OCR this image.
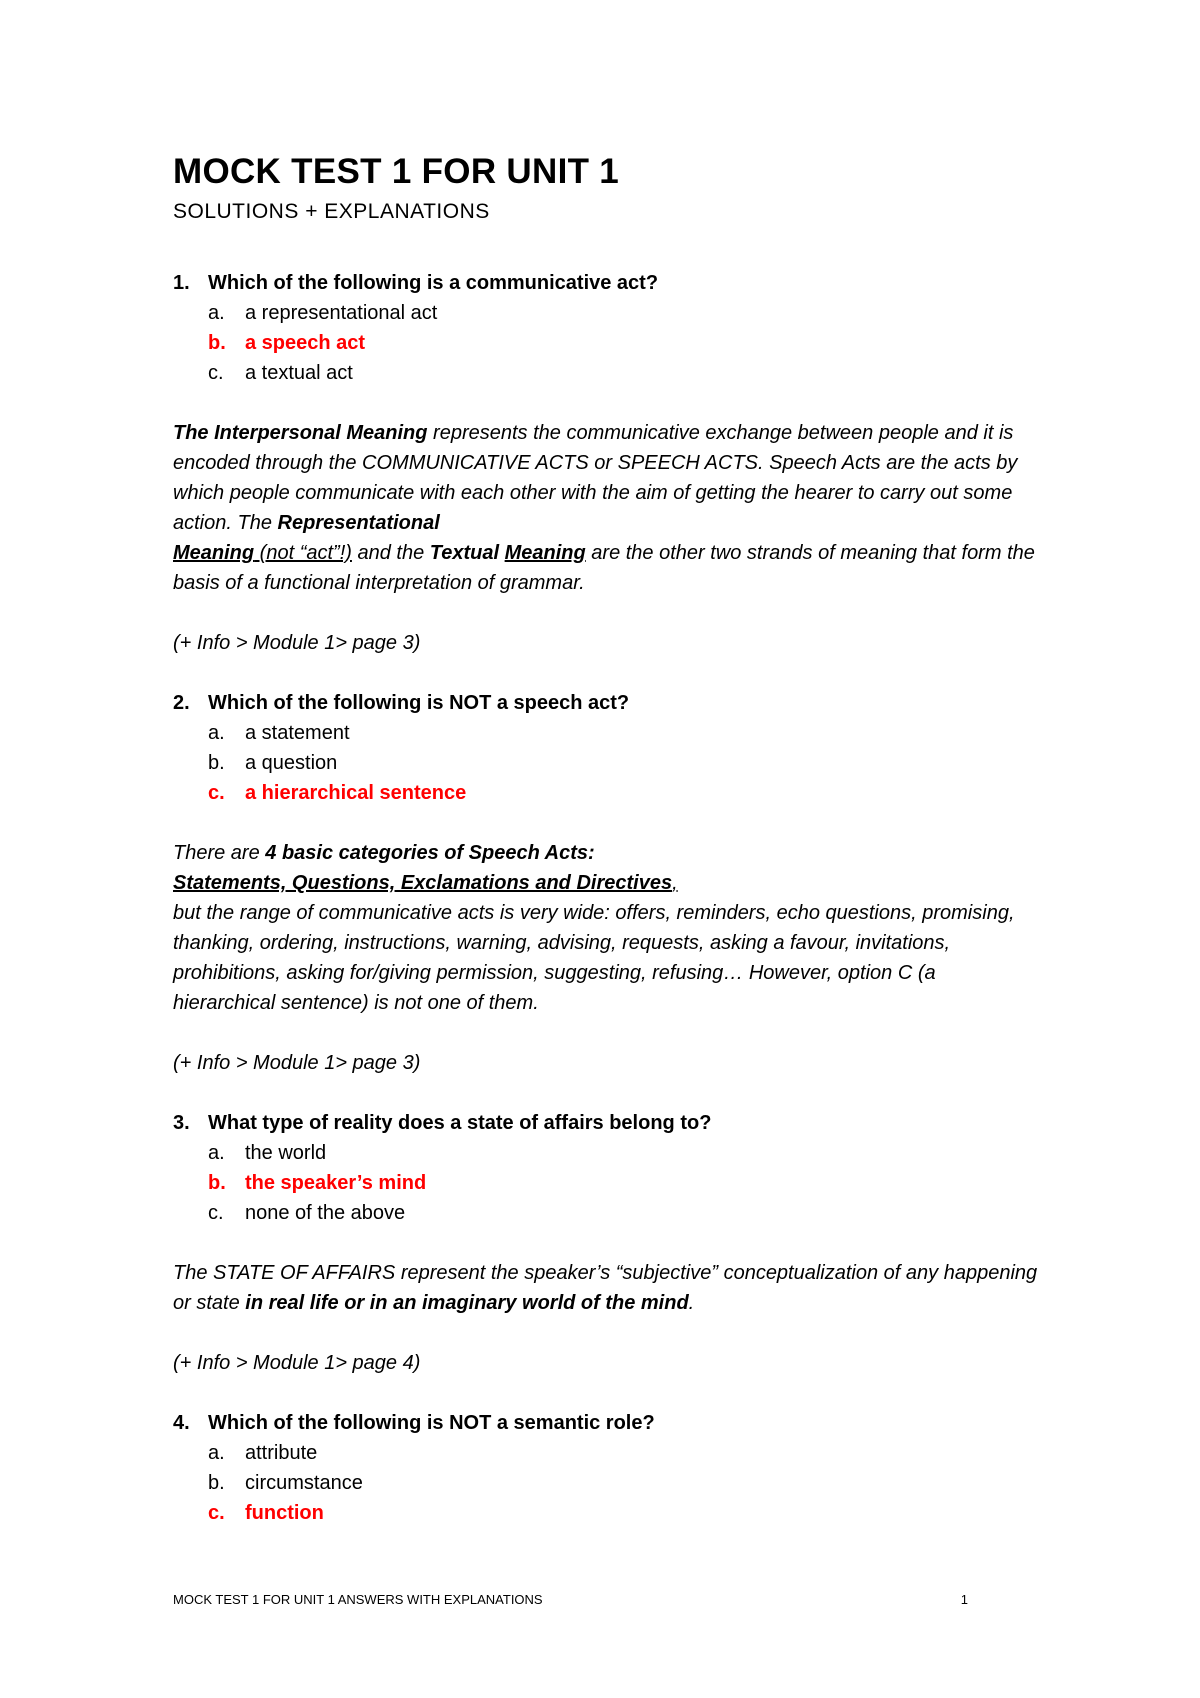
MOCK TEST 1 FOR UNIT 1
SOLUTIONS + EXPLANATIONS
1. Which of the following is a communicative act?
a.	a representational act
b. a speech act
c.	a textual act
The Interpersonal Meaning represents the communicative exchange between people and it is encoded through the COMMUNICATIVE ACTS or SPEECH ACTS. Speech Acts are the acts by which people communicate with each other with the aim of getting the hearer to carry out some action. The Representational
Meaning (not “act”!) and the Textual Meaning are the other two strands of meaning that form the basis of a functional interpretation of grammar.
(+ Info > Module 1> page 3)
2. Which of the following is NOT a speech act?
a.	a statement
b.	a question
c.	a hierarchical sentence
There are 4 basic categories of Speech Acts:
Statements, Questions, Exclamations and Directives,
but the range of communicative acts is very wide: offers, reminders, echo questions, promising, thanking, ordering, instructions, warning, advising, requests, asking a favour, invitations, prohibitions, asking for/giving permission, suggesting, refusing… However, option C (a hierarchical sentence) is not one of them.
(+ Info > Module 1> page 3)
3. What type of reality does a state of affairs belong to?
a.	the world
b. the speaker’s mind
c.	none of the above
The STATE OF AFFAIRS represent the speaker’s “subjective” conceptualization of any happening or state in real life or in an imaginary world of the mind.
(+ Info > Module 1> page 4)
4. Which of the following is NOT a semantic role?
a.	attribute
b.	circumstance
c.	function
MOCK TEST 1 FOR UNIT 1 ANSWERS WITH EXPLANATIONS	1
